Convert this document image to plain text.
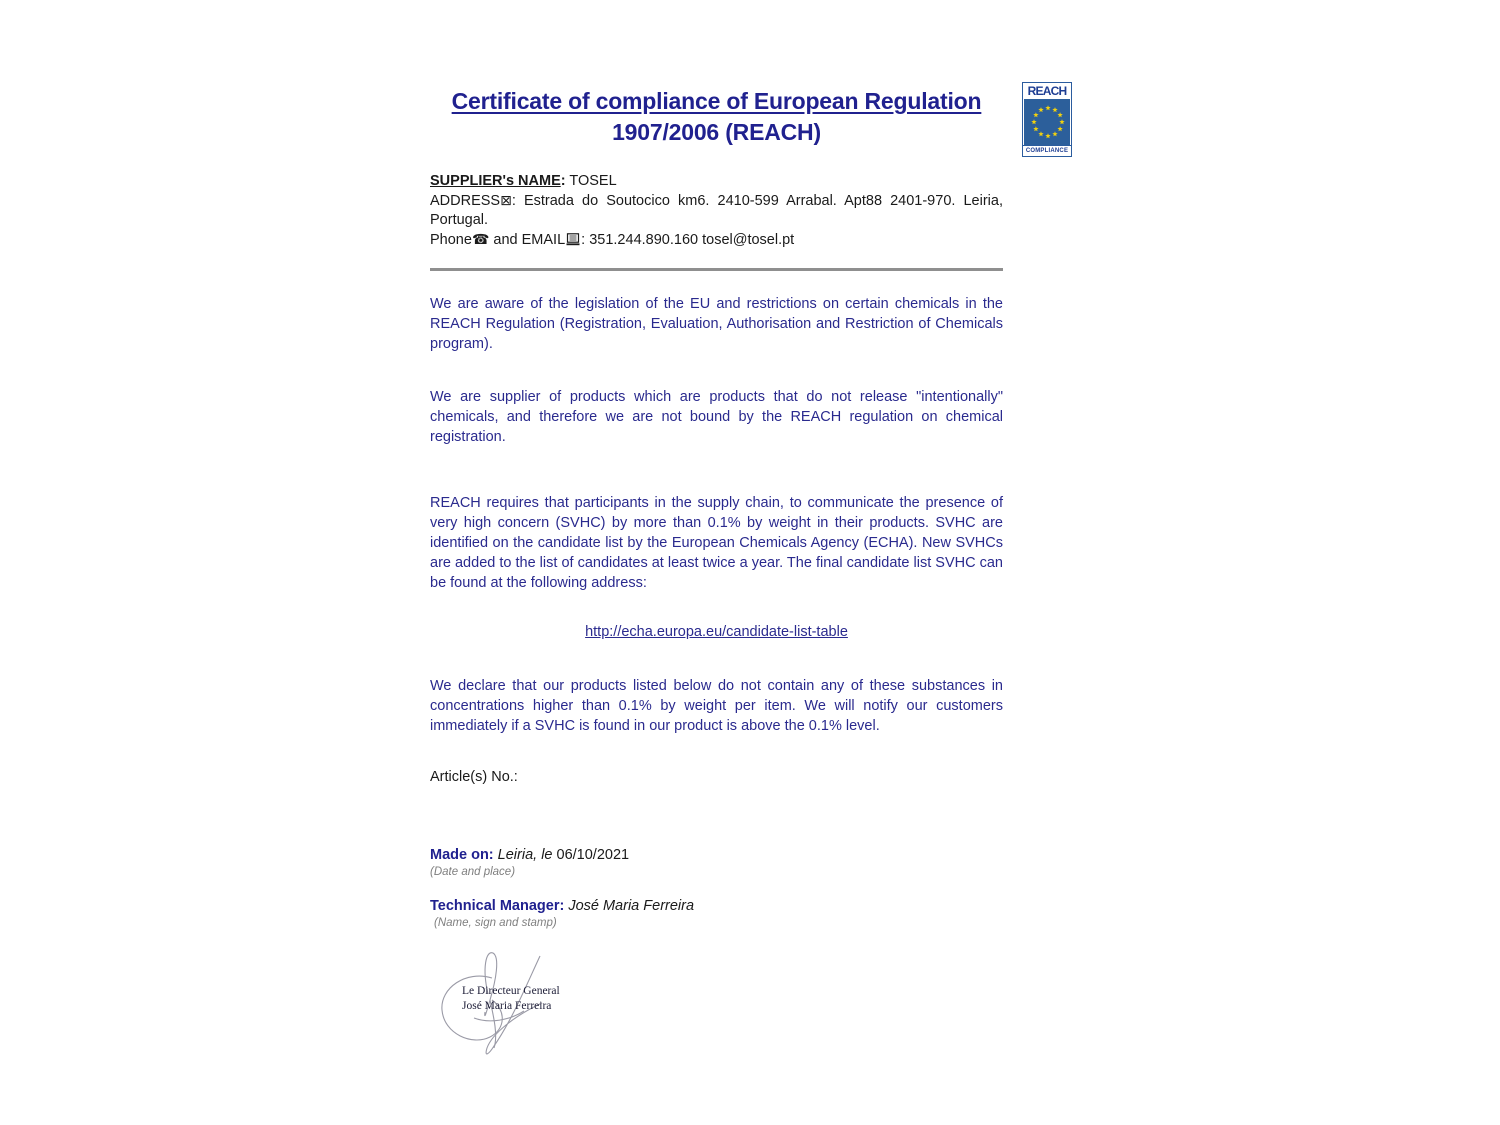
Certificate of compliance of European Regulation
1907/2006 (REACH)
SUPPLIER's NAME: TOSEL
ADDRESS⊠: Estrada do Soutocico km6. 2410-599 Arrabal. Apt88 2401-970. Leiria, Portugal.
Phone☎ and EMAIL : 351.244.890.160 tosel@tosel.pt

We are aware of the legislation of the EU and restrictions on certain chemicals in the REACH Regulation (Registration, Evaluation, Authorisation and Restriction of Chemicals program).

We are supplier of products which are products that do not release "intentionally" chemicals, and therefore we are not bound by the REACH regulation on chemical registration.

REACH requires that participants in the supply chain, to communicate the presence of very high concern (SVHC) by more than 0.1% by weight in their products. SVHC are identified on the candidate list by the European Chemicals Agency (ECHA). New SVHCs are added to the list of candidates at least twice a year. The final candidate list SVHC can be found at the following address:

http://echa.europa.eu/candidate-list-table

We declare that our products listed below do not contain any of these substances in concentrations higher than 0.1% by weight per item. We will notify our customers immediately if a SVHC is found in our product is above the 0.1% level.

Article(s) No.:
Made on: Leiria, le 06/10/2021
(Date and place)
Technical Manager: José Maria Ferreira
(Name, sign and stamp)
Le Directeur General
José Maria Ferreira
REACH
COMPLIANCE
